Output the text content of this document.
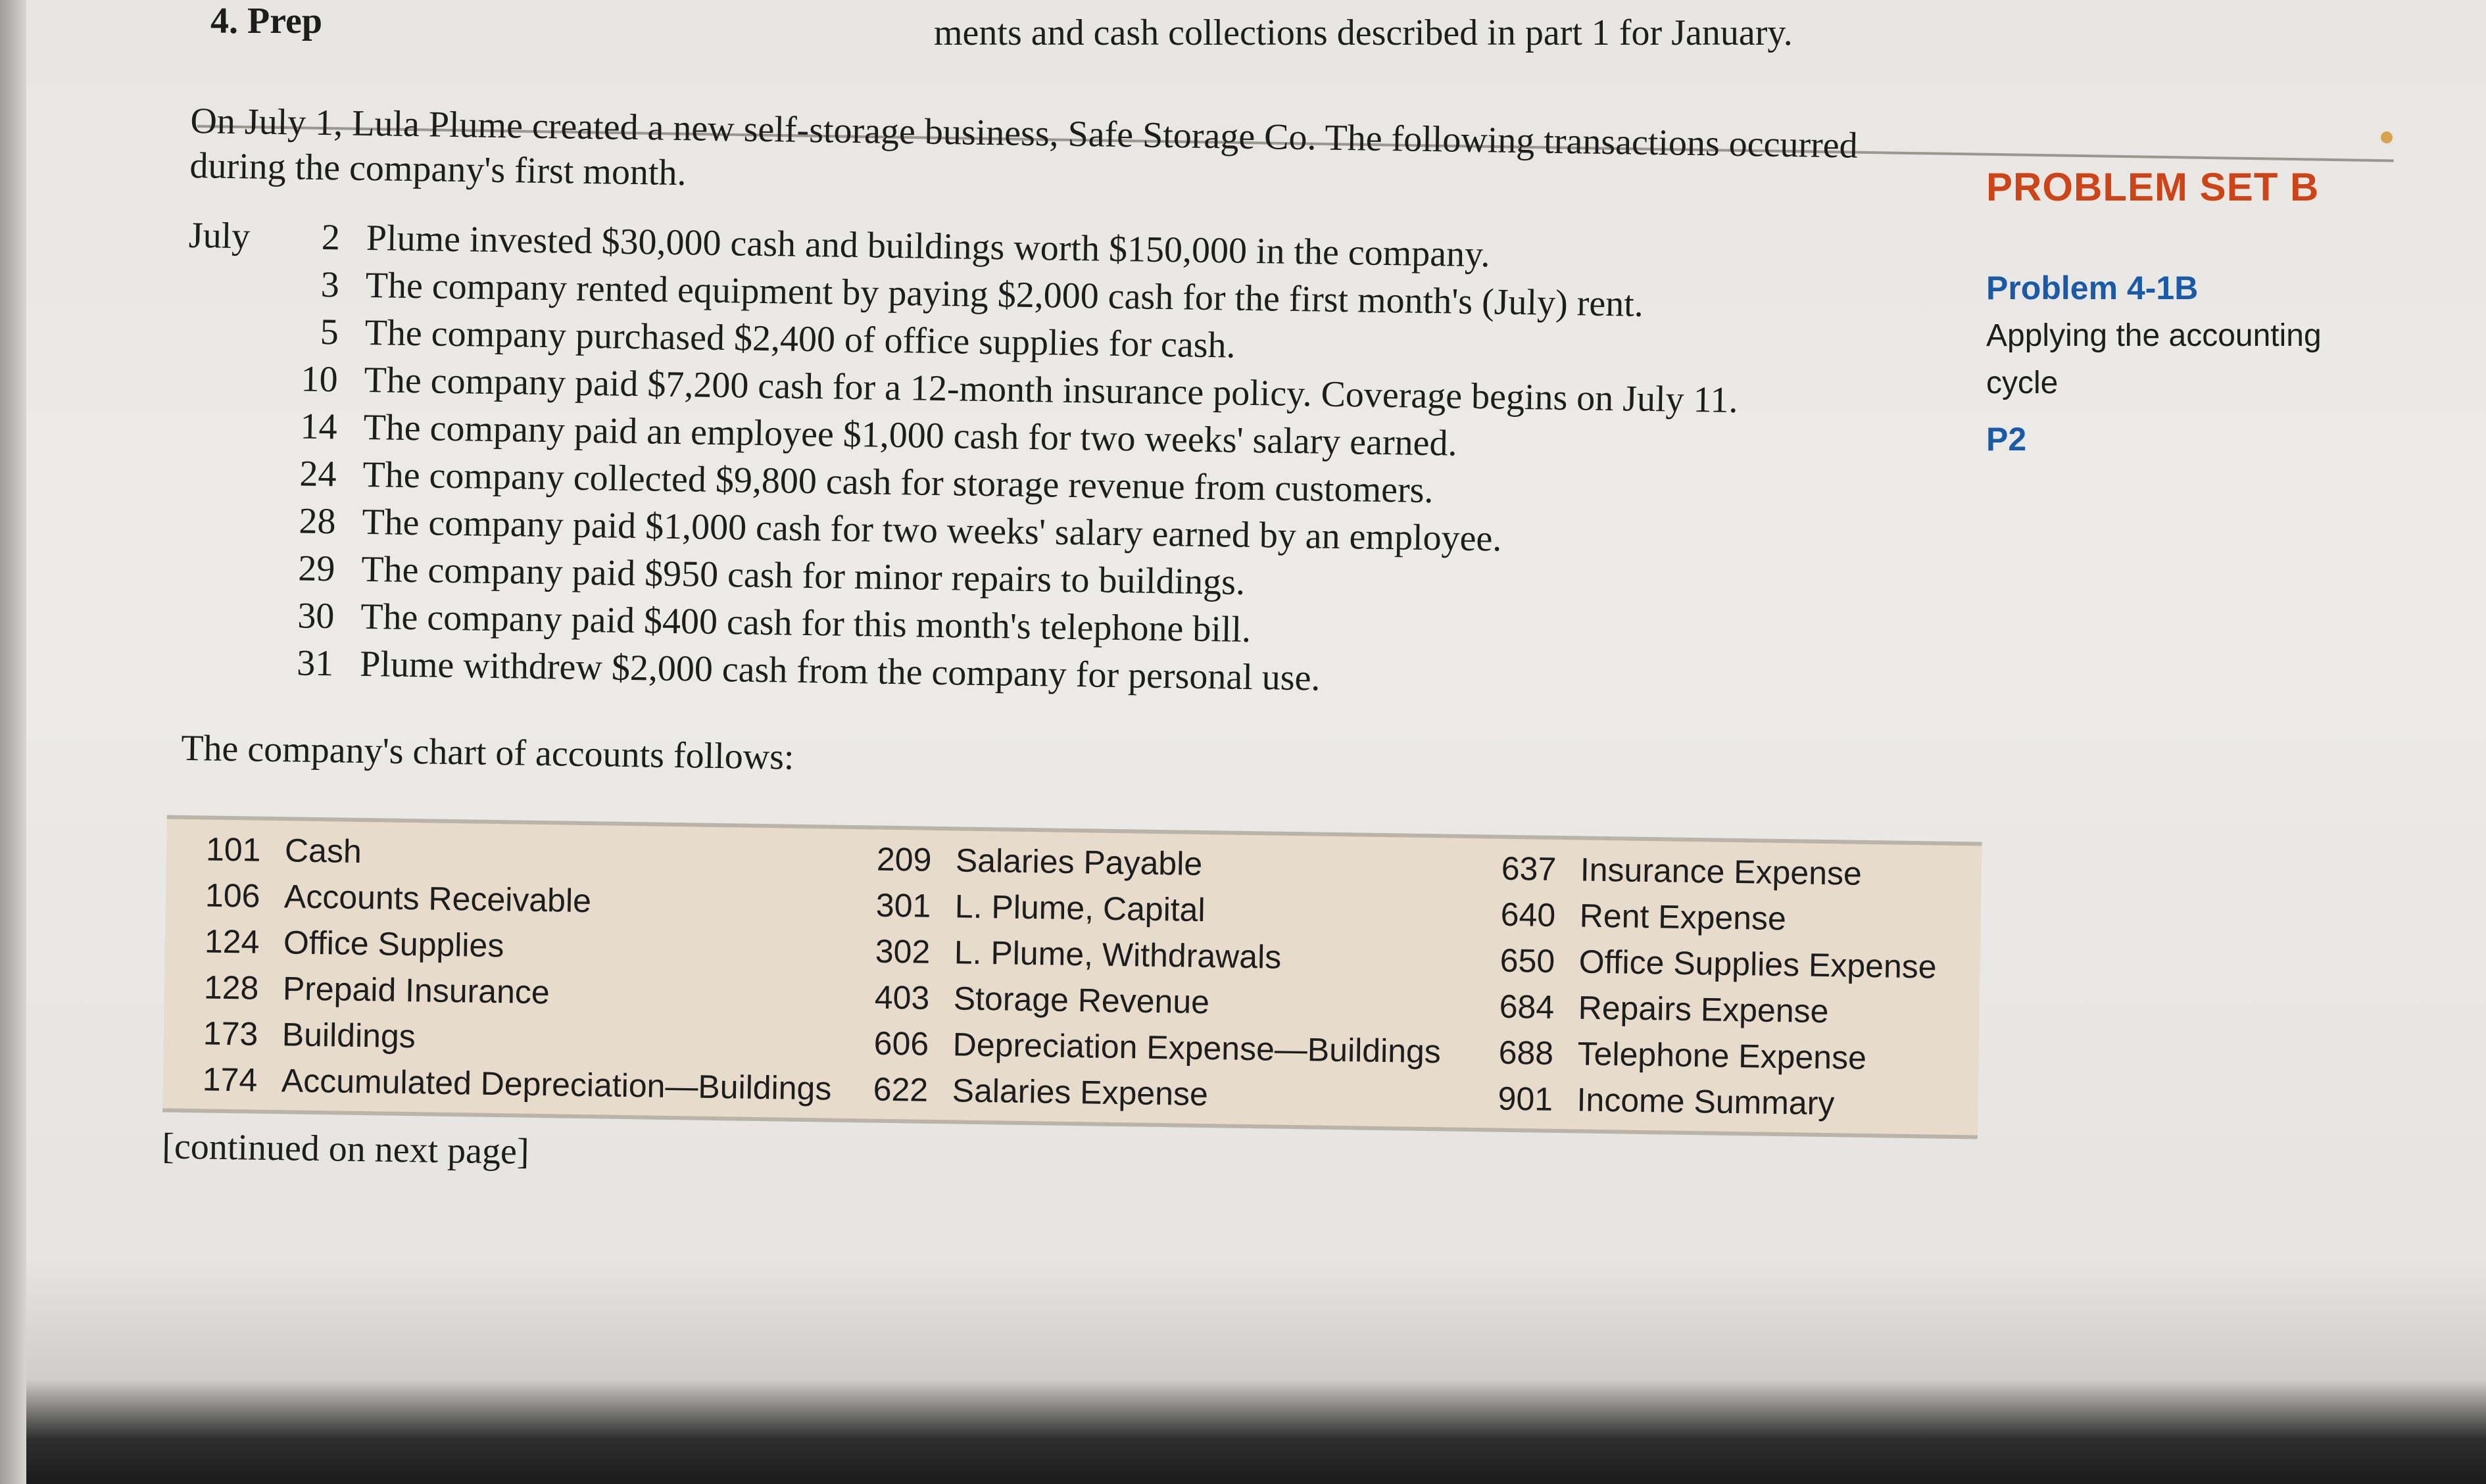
4. Prep	ments and cash collections described in part 1 for January.

On July 1, Lula Plume created a new self-storage business, Safe Storage Co. The following transactions occurred during the company's first month.

July	2 Plume invested $30,000 cash and buildings worth $150,000 in the company.
3 The company rented equipment by paying $2,000 cash for the first month's (July) rent.
5 The company purchased $2,400 of office supplies for cash.
10 The company paid $7,200 cash for a 12-month insurance policy. Coverage begins on July 11.
14 The company paid an employee $1,000 cash for two weeks' salary earned.
24 The company collected $9,800 cash for storage revenue from customers.
28 The company paid $1,000 cash for two weeks' salary earned by an employee.
29 The company paid $950 cash for minor repairs to buildings.
30 The company paid $400 cash for this month's telephone bill.
31 Plume withdrew $2,000 cash from the company for personal use.
The company's chart of accounts follows:
101 Cash
106 Accounts Receivable
124 Office Supplies
128 Prepaid Insurance
173 Buildings
174 Accumulated Depreciation—Buildings
209 Salaries Payable
301 L. Plume, Capital
302 L. Plume, Withdrawals
403 Storage Revenue
606 Depreciation Expense—Buildings
622 Salaries Expense
637 Insurance Expense
640 Rent Expense
650 Office Supplies Expense
684 Repairs Expense
688 Telephone Expense
901 Income Summary
[continued on next page]
PROBLEM SET B
Problem 4-1B
Applying the accounting cycle
P2
